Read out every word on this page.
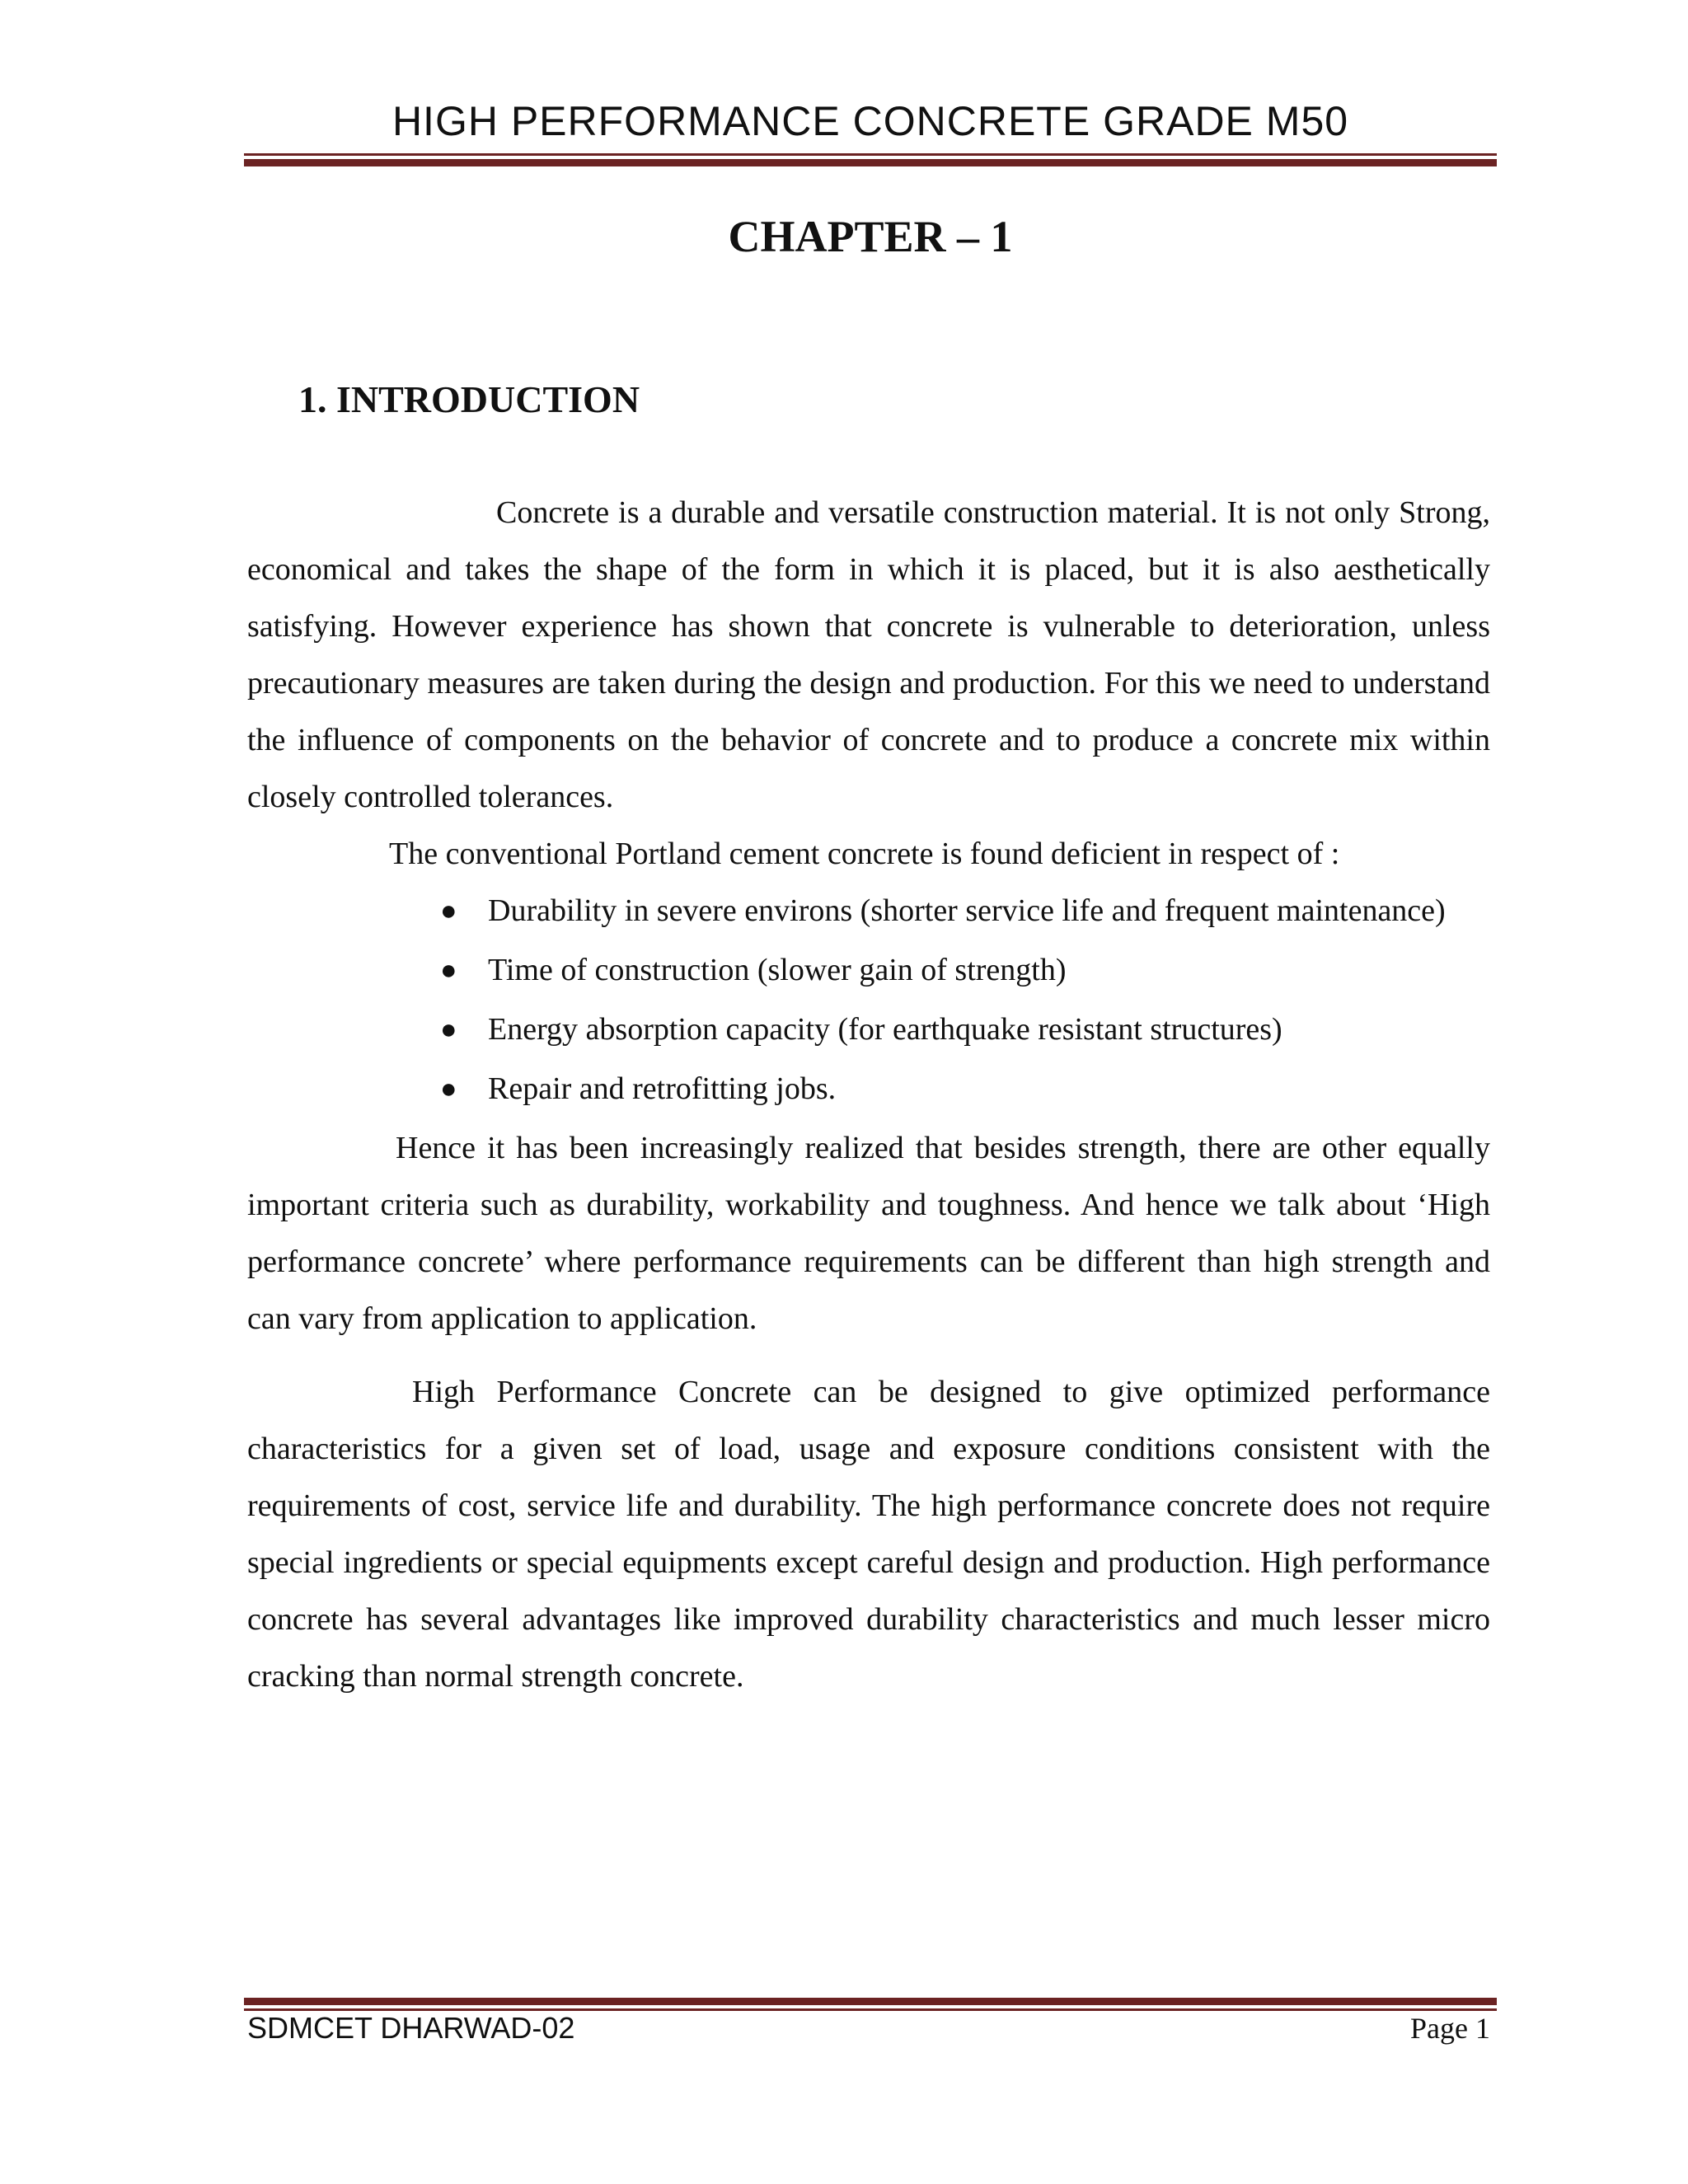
HIGH PERFORMANCE CONCRETE GRADE M50
CHAPTER – 1
1. INTRODUCTION

Concrete is a durable and versatile construction material. It is not only Strong, economical and takes the shape of the form in which it is placed, but it is also aesthetically satisfying. However experience has shown that concrete is vulnerable to deterioration, unless precautionary measures are taken during the design and production. For this we need to understand the influence of components on the behavior of concrete and to produce a concrete mix within closely controlled tolerances.

The conventional Portland cement concrete is found deficient in respect of :

● Durability in severe environs (shorter service life and frequent maintenance)
● Time of construction (slower gain of strength)
● Energy absorption capacity (for earthquake resistant structures)
● Repair and retrofitting jobs.

Hence it has been increasingly realized that besides strength, there are other equally important criteria such as durability, workability and toughness. And hence we talk about ‘High performance concrete’ where performance requirements can be different than high strength and can vary from application to application.

High Performance Concrete can be designed to give optimized performance characteristics for a given set of load, usage and exposure conditions consistent with the requirements of cost, service life and durability. The high performance concrete does not require special ingredients or special equipments except careful design and production. High performance concrete has several advantages like improved durability characteristics and much lesser micro cracking than normal strength concrete.

SDMCET DHARWAD-02	Page 1
